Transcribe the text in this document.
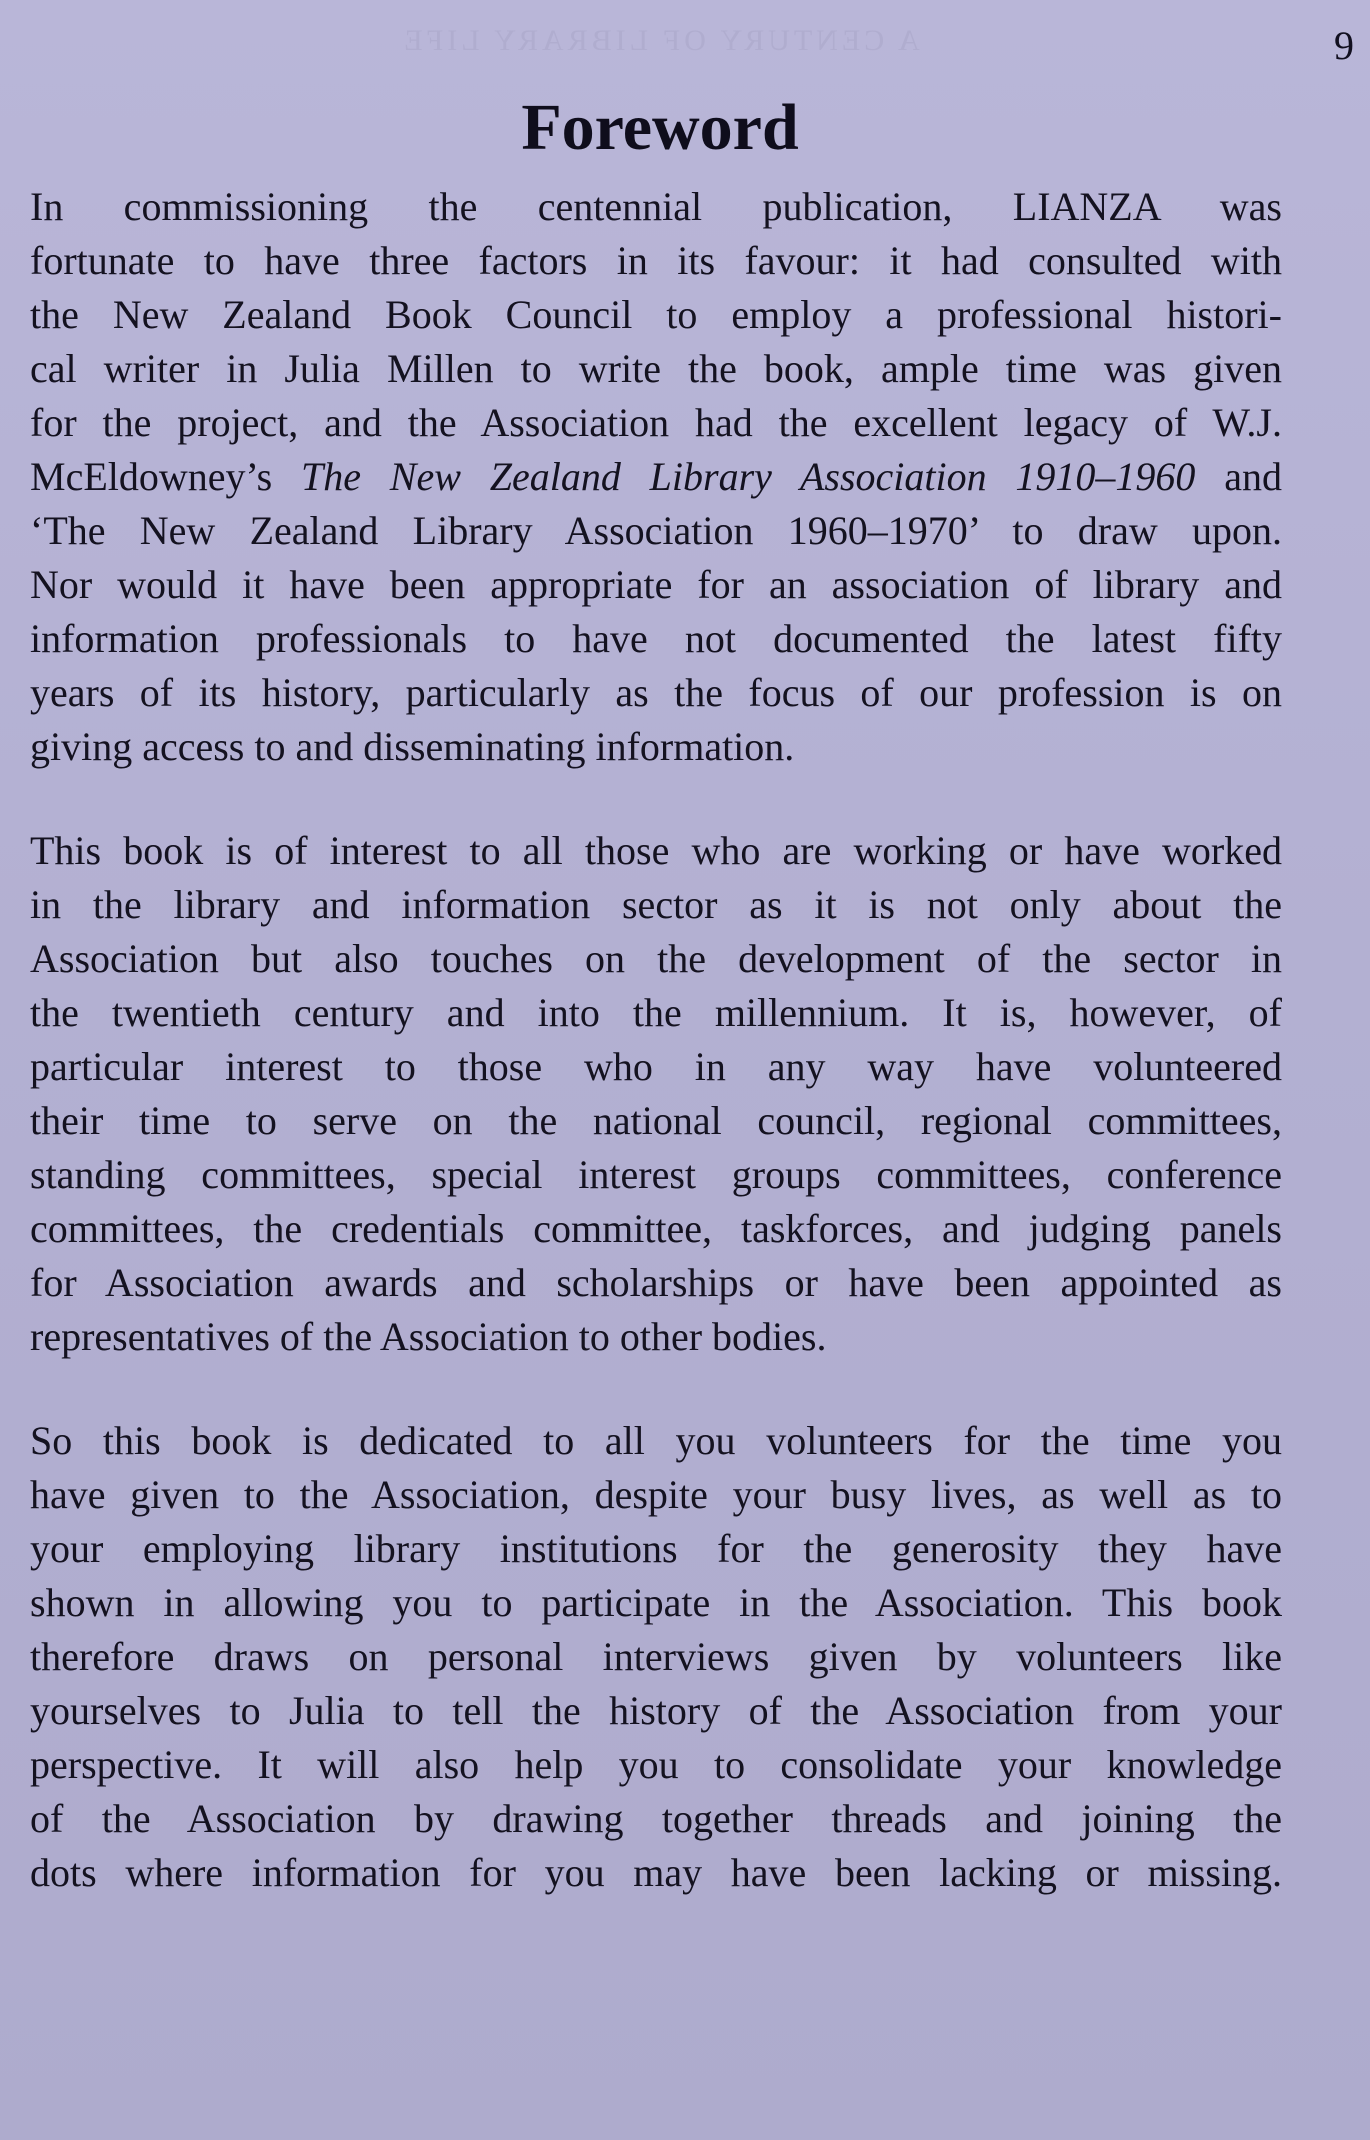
A CENTURY OF LIBRARY LIFE	9
Foreword

In commissioning the centennial publication, LIANZA was
fortunate to have three factors in its favour: it had consulted with
the New Zealand Book Council to employ a professional histori-
cal writer in Julia Millen to write the book, ample time was given
for the project, and the Association had the excellent legacy of W.J.
McEldowney’s The New Zealand Library Association 1910–1960 and
‘The New Zealand Library Association 1960–1970’ to draw upon.
Nor would it have been appropriate for an association of library and
information professionals to have not documented the latest fifty
years of its history, particularly as the focus of our profession is on
giving access to and disseminating information.

This book is of interest to all those who are working or have worked
in the library and information sector as it is not only about the
Association but also touches on the development of the sector in
the twentieth century and into the millennium. It is, however, of
particular interest to those who in any way have volunteered
their time to serve on the national council, regional committees,
standing committees, special interest groups committees, conference
committees, the credentials committee, taskforces, and judging panels
for Association awards and scholarships or have been appointed as
representatives of the Association to other bodies.

So this book is dedicated to all you volunteers for the time you
have given to the Association, despite your busy lives, as well as to
your employing library institutions for the generosity they have
shown in allowing you to participate in the Association. This book
therefore draws on personal interviews given by volunteers like
yourselves to Julia to tell the history of the Association from your
perspective. It will also help you to consolidate your knowledge
of the Association by drawing together threads and joining the
dots where information for you may have been lacking or missing.
